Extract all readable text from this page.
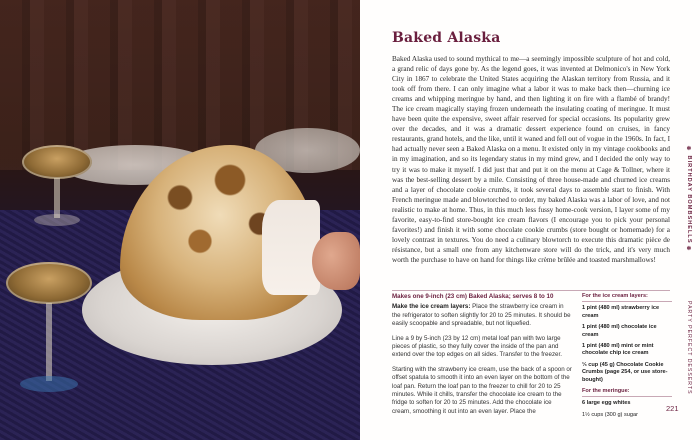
Baked Alaska

Baked Alaska used to sound mythical to me—a seemingly impossible sculpture of hot and cold, a grand relic of days gone by. As the legend goes, it was invented at Delmonico's in New York City in 1867 to celebrate the United States acquiring the Alaskan territory from Russia, and it took off from there. I can only imagine what a labor it was to make back then—churning ice creams and whipping meringue by hand, and then lighting it on fire with a flambé of brandy! The ice cream magically staying frozen underneath the insulating coating of meringue. It must have been quite the expensive, sweet affair reserved for special occasions. Its popularity grew over the decades, and it was a dramatic dessert experience found on cruises, in fancy restaurants, grand hotels, and the like, until it waned and fell out of vogue in the 1960s. In fact, I had actually never seen a Baked Alaska on a menu. It existed only in my vintage cookbooks and in my imagination, and so its legendary status in my mind grew, and I decided the only way to try it was to make it myself. I did just that and put it on the menu at Cage & Tollner, where it was the best-selling dessert by a mile. Consisting of three house-made and churned ice creams and a layer of chocolate cookie crumbs, it took several days to assemble start to finish. With French meringue made and blowtorched to order, my baked Alaska was a labor of love, and not realistic to make at home. Thus, in this much less fussy home-cook version, I layer some of my favorite, easy-to-find store-bought ice cream flavors (I encourage you to pick your personal favorites!) and finish it with some chocolate cookie crumbs (store bought or homemade) for a lovely contrast in textures. You do need a culinary blowtorch to execute this dramatic pièce de résistance, but a small one from any kitchenware store will do the trick, and it's very much worth the purchase to have on hand for things like crème brûlée and toasted marshmallows!

Makes one 9-inch (23 cm) Baked Alaska; serves 8 to 10

Make the ice cream layers: Place the strawberry ice cream in the refrigerator to soften slightly for 20 to 25 minutes. It should be easily scoopable and spreadable, but not liquefied.

Line a 9 by 5-inch (23 by 12 cm) metal loaf pan with two large pieces of plastic, so they fully cover the inside of the pan and extend over the top edges on all sides. Transfer to the freezer.

Starting with the strawberry ice cream, use the back of a spoon or offset spatula to smooth it into an even layer on the bottom of the loaf pan. Return the loaf pan to the freezer to chill for 20 to 25 minutes. While it chills, transfer the chocolate ice cream to the fridge to soften for 20 to 25 minutes. Add the chocolate ice cream, smoothing it out into an even layer. Place the

For the ice cream layers:
1 pint (480 ml) strawberry ice cream
1 pint (480 ml) chocolate ice cream
1 pint (480 ml) mint or mint chocolate chip ice cream
⅓ cup (45 g) Chocolate Cookie Crumbs (page 254, or use store-bought)
For the meringue:
6 large egg whites
1½ cups (300 g) sugar
✻ BIRTHDAY BOMBSHELLS ✻
PARTY PERFECT DESSERTS
221
